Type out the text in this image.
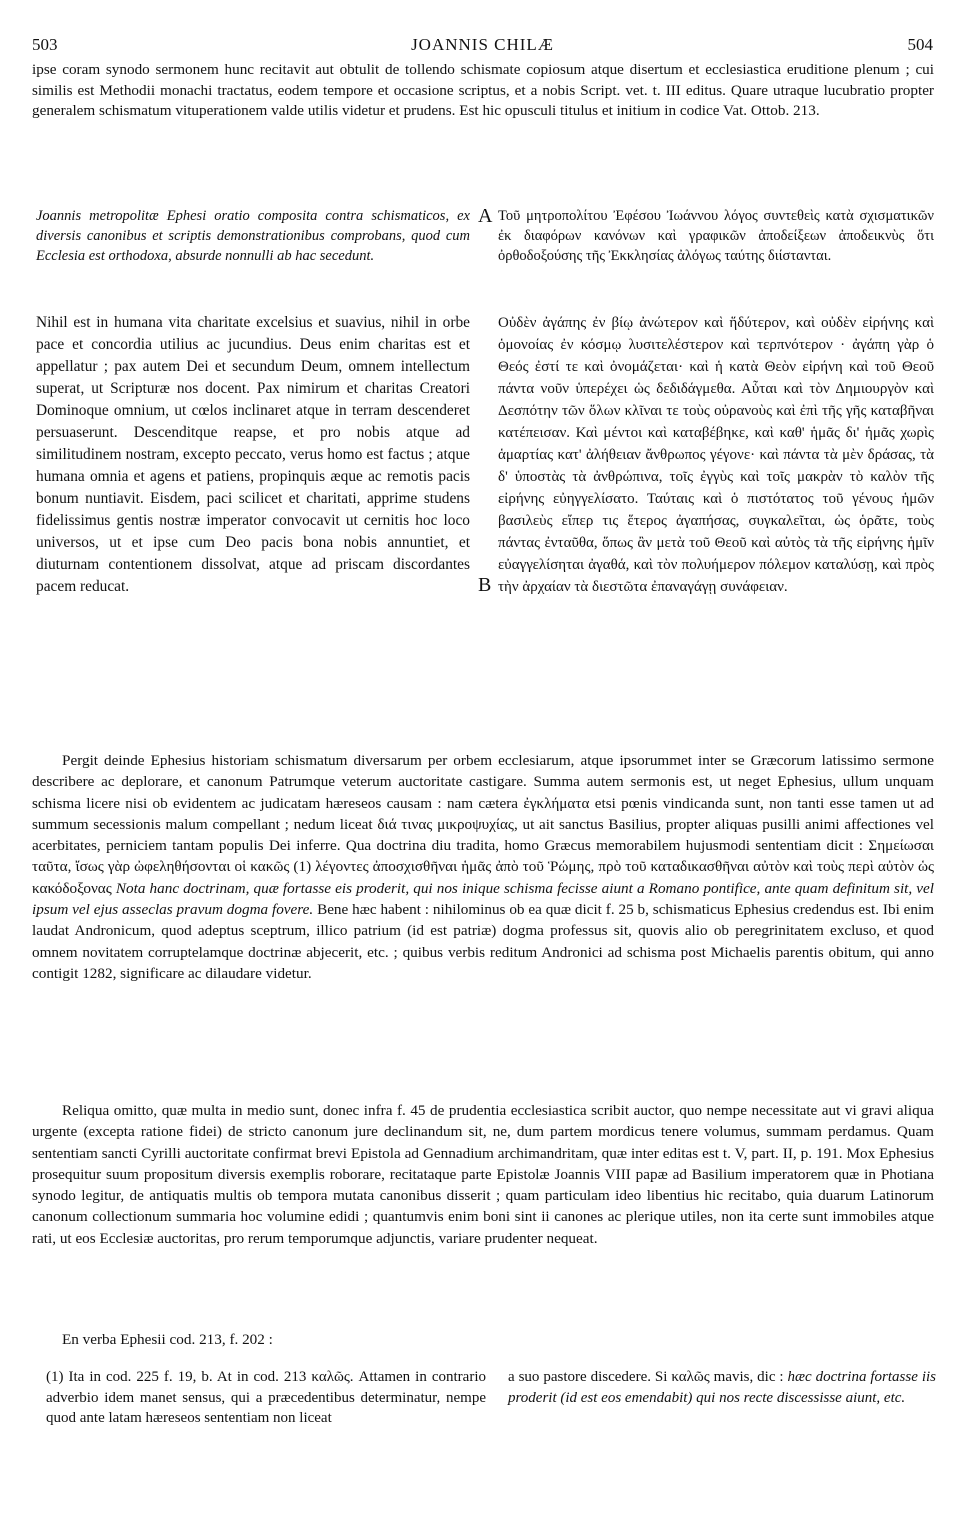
503	JOANNIS CHILÆ	504

ipse coram synodo sermonem hunc recitavit aut obtulit de tollendo schismate copiosum atque disertum et ecclesiastica eruditione plenum ; cui similis est Methodii monachi tractatus, eodem tempore et occasione scriptus, et a nobis Script. vet. t. III editus. Quare utraque lucubratio propter generalem schismatum vituperationem valde utilis videtur et prudens. Est hic opusculi titulus et initium in codice Vat. Ottob. 213.

A
B

Joannis metropolitæ Ephesi oratio composita contra schismaticos, ex diversis canonibus et scriptis demonstrationibus comprobans, quod cum Ecclesia est orthodoxa, absurde nonnulli ab hac secedunt.

Τοῦ μητροπολίτου Ἐφέσου Ἰωάννου λόγος συντεθεὶς κατὰ σχισματικῶν ἐκ διαφόρων κανόνων καὶ γραφικῶν ἀποδείξεων ἀποδεικνὺς ὅτι ὀρθοδοξούσης τῆς Ἐκκλησίας ἀλόγως ταύτης διίστανται.

Nihil est in humana vita charitate excelsius et suavius, nihil in orbe pace et concordia utilius ac jucundius. Deus enim charitas est et appellatur ; pax autem Dei et secundum Deum, omnem intellectum superat, ut Scripturæ nos docent. Pax nimirum et charitas Creatori Dominoque omnium, ut cœlos inclinaret atque in terram descenderet persuaserunt. Descenditque reapse, et pro nobis atque ad similitudinem nostram, excepto peccato, verus homo est factus ; atque humana omnia et agens et patiens, propinquis æque ac remotis pacis bonum nuntiavit. Eisdem, paci scilicet et charitati, apprime studens fidelissimus gentis nostræ imperator convocavit ut cernitis hoc loco universos, ut et ipse cum Deo pacis bona nobis annuntiet, et diuturnam contentionem dissolvat, atque ad priscam discordantes pacem reducat.

Οὐδὲν ἀγάπης ἐν βίῳ ἀνώτερον καὶ ἥδύτερον, καὶ οὐδὲν εἰρήνης καὶ ὁμονοίας ἐν κόσμῳ λυσιτελέστερον καὶ τερπνότερον · ἀγάπη γὰρ ὁ Θεός ἐστί τε καὶ ὀνομάζεται· καὶ ἡ κατὰ Θεὸν εἰρήνη καὶ τοῦ Θεοῦ πάντα νοῦν ὑπερέχει ὡς δεδιδάγμεθα. Αὗται καὶ τὸν Δημιουργὸν καὶ Δεσπότην τῶν ὅλων κλῖναι τε τοὺς οὐρανοὺς καὶ ἐπὶ τῆς γῆς καταβῆναι κατέπεισαν. Καὶ μέντοι καὶ καταβέβηκε, καὶ καθ' ἡμᾶς δι' ἡμᾶς χωρὶς ἁμαρτίας κατ' ἀλήθειαν ἄνθρωπος γέγονε· καὶ πάντα τὰ μὲν δράσας, τὰ δ' ὑποστὰς τὰ ἀνθρώπινα, τοῖς ἐγγὺς καὶ τοῖς μακρὰν τὸ καλὸν τῆς εἰρήνης εὐηγγελίσατο. Ταύταις καὶ ὁ πιστότατος τοῦ γένους ἡμῶν βασιλεὺς εἴπερ τις ἕτερος ἀγαπήσας, συγκαλεῖται, ὡς ὁρᾶτε, τοὺς πάντας ἐνταῦθα, ὅπως ἂν μετὰ τοῦ Θεοῦ καὶ αὐτὸς τὰ τῆς εἰρήνης ἡμῖν εὐαγγελίσηται ἀγαθά, καὶ τὸν πολυήμερον πόλεμον καταλύσῃ, καὶ πρὸς τὴν ἀρχαίαν τὰ διεστῶτα ἐπαναγάγῃ συνάφειαν.

Pergit deinde Ephesius historiam schismatum diversarum per orbem ecclesiarum, atque ipsorummet inter se Græcorum latissimo sermone describere ac deplorare, et canonum Patrumque veterum auctoritate castigare. Summa autem sermonis est, ut neget Ephesius, ullum unquam schisma licere nisi ob evidentem ac judicatam hæreseos causam : nam cætera ἐγκλήματα etsi pœnis vindicanda sunt, non tanti esse tamen ut ad summum secessionis malum compellant ; nedum liceat διά τινας μικροψυχίας, ut ait sanctus Basilius, propter aliquas pusilli animi affectiones vel acerbitates, perniciem tantam populis Dei inferre. Qua doctrina diu tradita, homo Græcus memorabilem hujusmodi sententiam dicit : Σημείωσαι ταῦτα, ἴσως γὰρ ὠφεληθήσονται οἱ κακῶς (1) λέγοντες ἀποσχισθῆναι ἡμᾶς ἀπὸ τοῦ Ῥώμης, πρὸ τοῦ καταδικασθῆναι αὐτὸν καὶ τοὺς περὶ αὐτὸν ὡς κακόδοξονας Nota hanc doctrinam, quæ fortasse eis proderit, qui nos inique schisma fecisse aiunt a Romano pontifice, ante quam definitum sit, vel ipsum vel ejus asseclas pravum dogma fovere. Bene hæc habent : nihilominus ob ea quæ dicit f. 25 b, schismaticus Ephesius credendus est. Ibi enim laudat Andronicum, quod adeptus sceptrum, illico patrium (id est patriæ) dogma professus sit, quovis alio ob peregrinitatem excluso, et quod omnem novitatem corruptelamque doctrinæ abjecerit, etc. ; quibus verbis reditum Andronici ad schisma post Michaelis parentis obitum, qui anno contigit 1282, significare ac dilaudare videtur.

Reliqua omitto, quæ multa in medio sunt, donec infra f. 45 de prudentia ecclesiastica scribit auctor, quo nempe necessitate aut vi gravi aliqua urgente (excepta ratione fidei) de stricto canonum jure declinandum sit, ne, dum partem mordicus tenere volumus, summam perdamus. Quam sententiam sancti Cyrilli auctoritate confirmat brevi Epistola ad Gennadium archimandritam, quæ inter editas est t. V, part. II, p. 191. Mox Ephesius prosequitur suum propositum diversis exemplis roborare, recitataque parte Epistolæ Joannis VIII papæ ad Basilium imperatorem quæ in Photiana synodo legitur, de antiquatis multis ob tempora mutata canonibus disserit ; quam particulam ideo libentius hic recitabo, quia duarum Latinorum canonum collectionum summaria hoc volumine edidi ; quantumvis enim boni sint ii canones ac plerique utiles, non ita certe sunt immobiles atque rati, ut eos Ecclesiæ auctoritas, pro rerum temporumque adjunctis, variare prudenter nequeat.

En verba Ephesii cod. 213, f. 202 :

(1) Ita in cod. 225 f. 19, b. At in cod. 213 καλῶς. Attamen in contrario adverbio idem manet sensus, qui a præcedentibus determinatur, nempe quod ante latam hæreseos sententiam non liceat

a suo pastore discedere. Si καλῶς mavis, dic : hæc doctrina fortasse iis proderit (id est eos emendabit) qui nos recte discessisse aiunt, etc.
